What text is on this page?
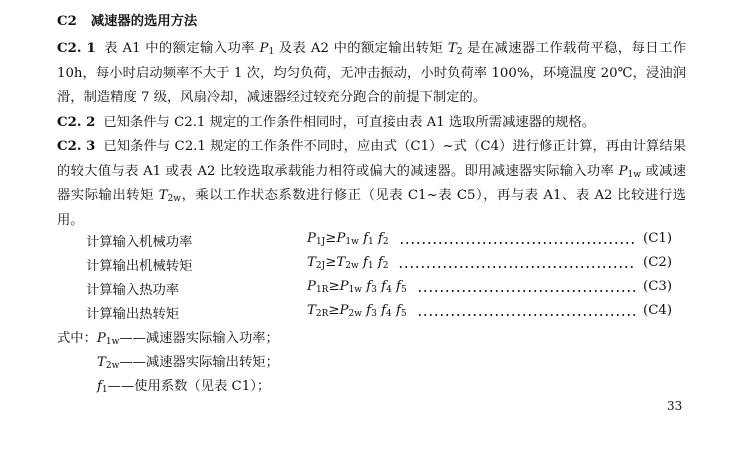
C2 减速器的选用方法
C2. 1 表 A1 中的额定输入功率 $P_1$ 及表 A2 中的额定输出转矩 $T_2$ 是在减速器工作载荷平稳，每日工作10h，每小时启动频率不大于 1 次，均匀负荷，无冲击振动，小时负荷率 100%，环境温度 20℃，浸油润滑，制造精度 7 级，风扇冷却，减速器经过较充分跑合的前提下制定的。
C2. 2 已知条件与 C2.1 规定的工作条件相同时，可直接由表 A1 选取所需减速器的规格。
C2. 3 已知条件与 C2.1 规定的工作条件不同时，应由式（C1）~式（C4）进行修正计算，再由计算结果的较大值与表 A1 或表 A2 比较选取承载能力相符或偏大的减速器。即用减速器实际输入功率 $P_{1w}$ 或减速器实际输出转矩 $T_{2w}$，乘以工作状态系数进行修正（见表 C1~表 C5），再与表 A1、表 A2 比较进行选用。
计算输入机械功率	$P_{1J}\ge P_{1w}$ $f_1$ $f_2$	(C1)
计算输出机械转矩	$T_{2J}\ge T_{2w}$ $f_1$ $f_2$	(C2)
计算输入热功率	$P_{1R}\ge P_{1w}$ $f_3$ $f_4$ $f_5$	(C3)
计算输出热转矩	$T_{2R}\ge P_{2w}$ $f_3$ $f_4$ $f_5$	(C4)
式中：$P_{1w}——$减速器实际输入功率；
$T_{2w}——$减速器实际输出转矩；
$f_1——$使用系数（见表 C1）；
33
